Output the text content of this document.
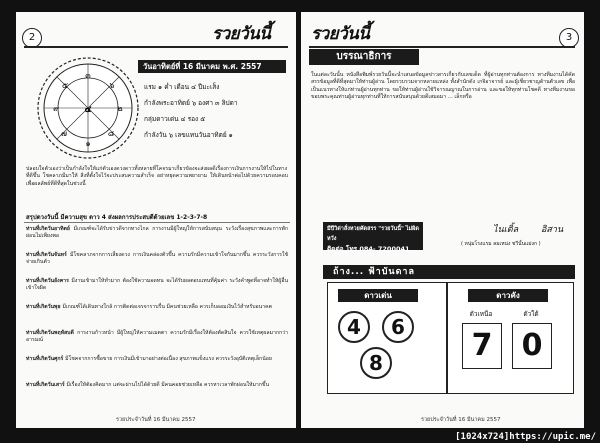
2	รวยวันนี้
๓
๖
๒
๘
๑
๗
๙
๕
๔
วันอาทิตย์ที่ 16 มีนาคม พ.ศ. 2557
แรม ๑ ค่ำ เดือน ๔ ปีมะเส็ง
กำลังพระอาทิตย์ ๖ องศา ๓ ลิปดา
กลุ่มดาวเด่น ๔ รอง ๕
กำลังวัน ๖ เลขแทนวันอาทิตย์ ๑

ปลอบใจตัวเองว่าเป็นกำลังใจให้แก่ตัวเองดวงดาวทั้งหลายที่โคจรมาเกี่ยวข้องจะส่งผลดีเรื่องการเงินการงานให้ไปในทางที่ดีขึ้น โชคลาภมีมาให้ สิ่งที่ตั้งใจไว้จะประสบความสำเร็จ อย่าหยุดความพยายาม ให้เดินหน้าต่อไปด้วยความรอบคอบ เพื่อผลลัพธ์ที่ดีที่สุดในช่วงนี้

สรุปดวงวันนี้ มีความสุข ดาว 4 ส่งผลการประสบดีด้วยเลข 1-2-3-7-8
ท่านที่เกิดวันอาทิตย์ มีเกณฑ์จะได้รับข่าวดีจากทางไกล การงานมีผู้ใหญ่ให้การสนับสนุน ระวังเรื่องสุขภาพและการพักผ่อนไม่เพียงพอ
ท่านที่เกิดวันจันทร์ มีโชคลาภจากการเสี่ยงดวง การเงินคล่องตัวขึ้น ความรักมีความเข้าใจกันมากขึ้น ควรระวังการใช้จ่ายเกินตัว
ท่านที่เกิดวันอังคาร มีงานเข้ามาให้ทำมาก ต้องใช้ความอดทน จะได้รับผลตอบแทนที่คุ้มค่า ระวังคำพูดที่อาจทำให้ผู้อื่นเข้าใจผิด
ท่านที่เกิดวันพุธ มีเกณฑ์ได้เดินทางใกล้ การติดต่อเจรจาราบรื่น มีคนช่วยเหลือ ควรเก็บออมเงินไว้สำหรับอนาคต
ท่านที่เกิดวันพฤหัสบดี การงานก้าวหน้า มีผู้ใหญ่ให้ความเมตตา ความรักมีเรื่องให้ต้องตัดสินใจ ควรใช้เหตุผลมากกว่าอารมณ์
ท่านที่เกิดวันศุกร์ มีโชคจากการซื้อขาย การเงินมีเข้ามาอย่างต่อเนื่อง สุขภาพแข็งแรง ควรระวังอุบัติเหตุเล็กน้อย
ท่านที่เกิดวันเสาร์ มีเรื่องให้ต้องคิดมาก แต่จะผ่านไปได้ด้วยดี มีคนคอยช่วยเหลือ ควรหาเวลาพักผ่อนให้มากขึ้น
รวยประจำวันที่ 16 มีนาคม 2557
รวยวันนี้	3
บรรณาธิการ

ในแต่ละวันนั้น หนังสือพิมพ์รวยวันนี้จะนำเสนอข้อมูลข่าวสารเกี่ยวกับเลขเด็ด ที่ผู้อ่านทุกท่านต้องการ ทางทีมงานได้คัดสรรข้อมูลที่ดีที่สุดมาให้ท่านผู้อ่าน โดยรวบรวมจากหลายแหล่ง ทั้งสำนักดัง เกจิอาจารย์ และผู้เชี่ยวชาญด้านตัวเลข เพื่อเป็นแนวทางให้แก่ท่านผู้อ่านทุกท่าน ขอให้ท่านผู้อ่านใช้วิจารณญาณในการอ่าน และขอให้ทุกท่านโชคดี ทางทีมงานขอขอบพระคุณท่านผู้อ่านทุกท่านที่ให้การสนับสนุนด้วยดีเสมอมา ... เล็กหรือ

มีปีวิด่าสั่งหวยคัดสรร "รวยวันนี้" ไม่ผิดหวัง
ติดต่อ โทร 084- 7200041
ไนเติ้ล	อิสาน
( หนุ่มโรงแรม ลมเหน่ง ชวีนั้นแม่งก )
ถ้าง... ฟ้าบันดาล
ดาวเด่น
4	6
8
ดาวคัง
ตัวเหนือ	ตัวใต้
7 0
รวยประจำวันที่ 16 มีนาคม 2557
[1024x724]https://upic.me/
